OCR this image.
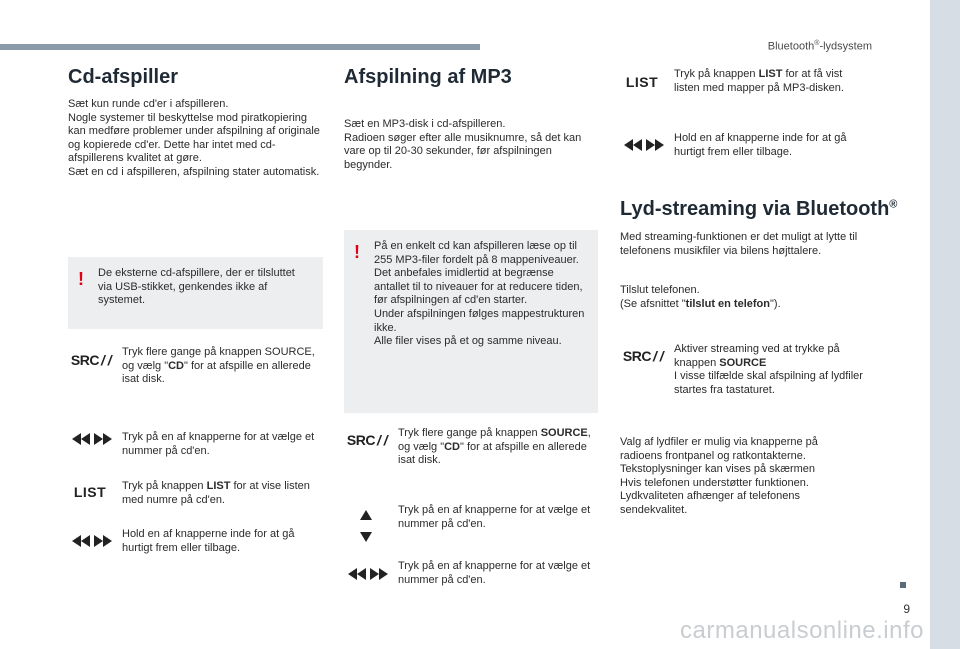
Bluetooth®-lydsystem
9
carmanualsonline.info
Cd-afspiller

Sæt kun runde cd'er i afspilleren.
Nogle systemer til beskyttelse mod piratkopiering kan medføre problemer under afspilning af originale og kopierede cd'er. Dette har intet med cd-afspillerens kvalitet at gøre.
Sæt en cd i afspilleren, afspilning stater automatisk.

! De eksterne cd-afspillere, der er tilsluttet via USB-stikket, genkendes ikke af systemet.

SRC / / Tryk flere gange på knappen SOURCE, og vælg "CD" for at afspille en allerede isat disk.

Tryk på en af knapperne for at vælge et nummer på cd'en.

LIST	Tryk på knappen LIST for at vise listen med numre på cd'en.

Hold en af knapperne inde for at gå hurtigt frem eller tilbage.

Afspilning af MP3

Sæt en MP3-disk i cd-afspilleren.
Radioen søger efter alle musiknumre, så det kan vare op til 20-30 sekunder, før afspilningen begynder.

! På en enkelt cd kan afspilleren læse op til 255 MP3-filer fordelt på 8 mappeniveauer. Det anbefales imidlertid at begrænse antallet til to niveauer for at reducere tiden, før afspilningen af cd'en starter.
Under afspilningen følges mappestrukturen ikke.
Alle filer vises på et og samme niveau.

SRC / / Tryk flere gange på knappen SOURCE, og vælg "CD" for at afspille en allerede isat disk.

Tryk på en af knapperne for at vælge et nummer på cd'en.

Tryk på en af knapperne for at vælge et nummer på cd'en.

LIST	Tryk på knappen LIST for at få vist listen med mapper på MP3-disken.

Hold en af knapperne inde for at gå hurtigt frem eller tilbage.

Lyd-streaming via Bluetooth®

Med streaming-funktionen er det muligt at lytte til telefonens musikfiler via bilens højttalere.

Tilslut telefonen.
(Se afsnittet "tilslut en telefon").

SRC / / Aktiver streaming ved at trykke på knappen SOURCE
I visse tilfælde skal afspilning af lydfiler startes fra tastaturet.

Valg af lydfiler er mulig via knapperne på radioens frontpanel og ratkontakterne.
Tekstoplysninger kan vises på skærmen
Hvis telefonen understøtter funktionen.
Lydkvaliteten afhænger af telefonens sendekvalitet.
